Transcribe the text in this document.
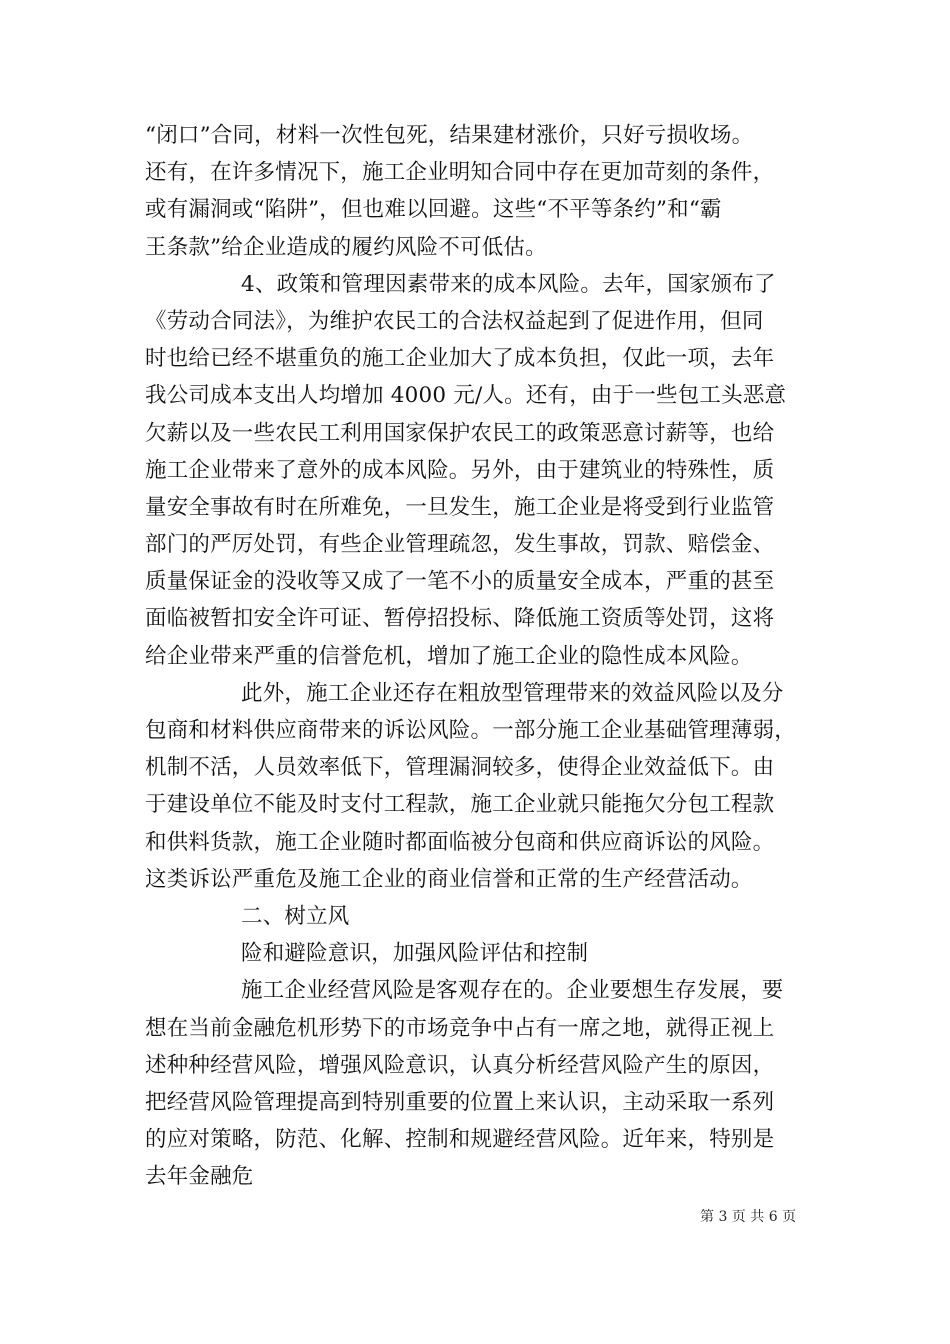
“闭口”合同，材料一次性包死，结果建材涨价，只好亏损收场。
还有，在许多情况下，施工企业明知合同中存在更加苛刻的条件，
或有漏洞或“陷阱”，但也难以回避。这些“不平等条约”和“霸
王条款”给企业造成的履约风险不可低估。
4、政策和管理因素带来的成本风险。去年，国家颁布了
《劳动合同法》，为维护农民工的合法权益起到了促进作用，但同
时也给已经不堪重负的施工企业加大了成本负担，仅此一项，去年
我公司成本支出人均增加 4000 元/人。还有，由于一些包工头恶意
欠薪以及一些农民工利用国家保护农民工的政策恶意讨薪等，也给
施工企业带来了意外的成本风险。另外，由于建筑业的特殊性，质
量安全事故有时在所难免，一旦发生，施工企业是将受到行业监管
部门的严厉处罚，有些企业管理疏忽，发生事故，罚款、赔偿金、
质量保证金的没收等又成了一笔不小的质量安全成本，严重的甚至
面临被暂扣安全许可证、暂停招投标、降低施工资质等处罚，这将
给企业带来严重的信誉危机，增加了施工企业的隐性成本风险。
此外，施工企业还存在粗放型管理带来的效益风险以及分
包商和材料供应商带来的诉讼风险。一部分施工企业基础管理薄弱，
机制不活，人员效率低下，管理漏洞较多，使得企业效益低下。由
于建设单位不能及时支付工程款，施工企业就只能拖欠分包工程款
和供料货款，施工企业随时都面临被分包商和供应商诉讼的风险。
这类诉讼严重危及施工企业的商业信誉和正常的生产经营活动。
二、树立风
险和避险意识，加强风险评估和控制
施工企业经营风险是客观存在的。企业要想生存发展，要
想在当前金融危机形势下的市场竞争中占有一席之地，就得正视上
述种种经营风险，增强风险意识，认真分析经营风险产生的原因，
把经营风险管理提高到特别重要的位置上来认识，主动采取一系列
的应对策略，防范、化解、控制和规避经营风险。近年来，特别是
去年金融危
第 3 页 共 6 页
